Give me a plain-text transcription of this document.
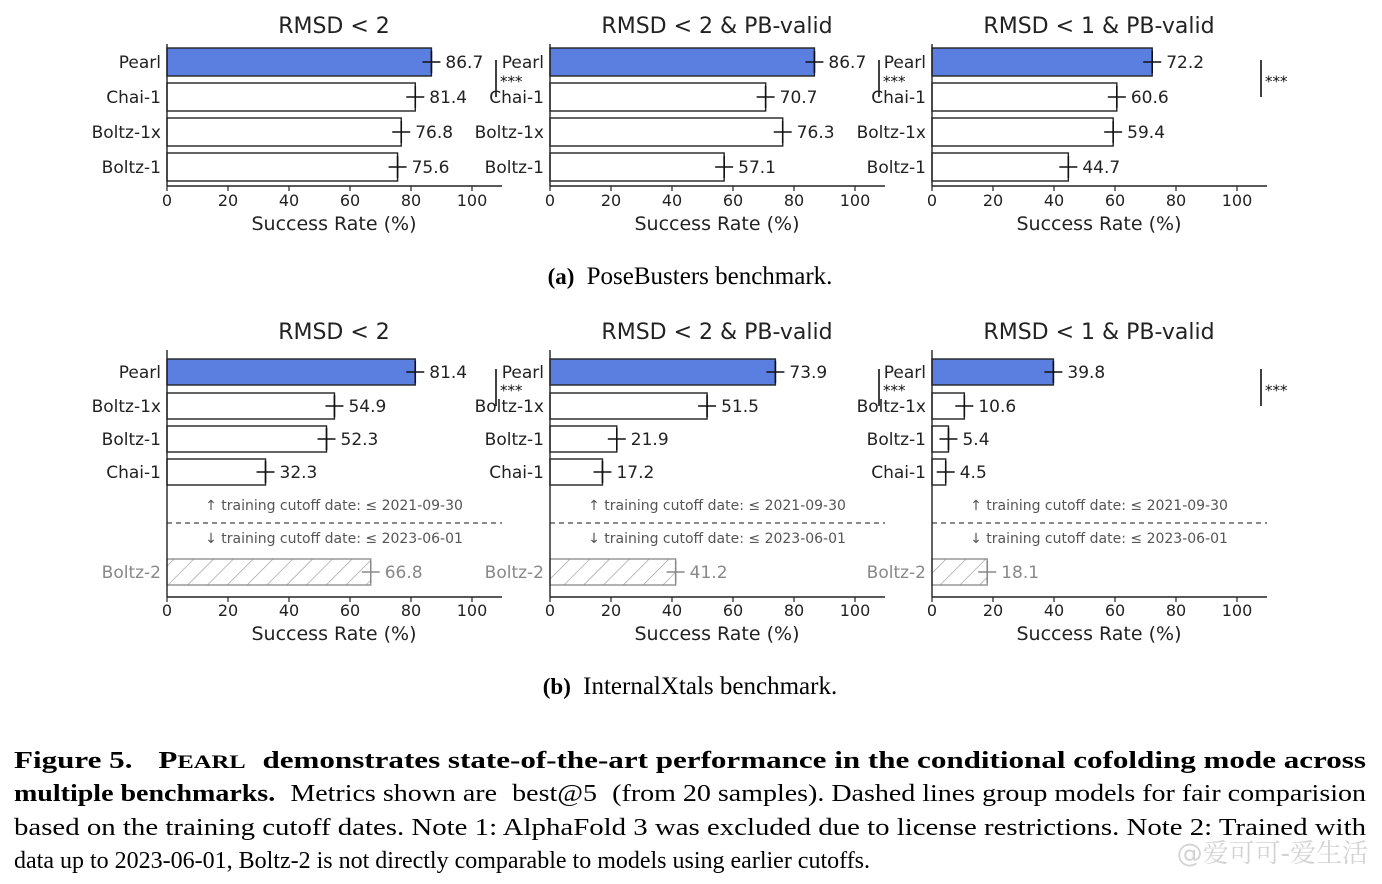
RMSD < 2
86.7
Pearl
81.4
Chai-1
76.8
Boltz-1x
75.6
Boltz-1
0	20	40	60	80 100
Success Rate (%)
***
RMSD < 2 & PB-valid
86.7
Pearl
70.7
Chai-1
76.3
Boltz-1x
57.1
Boltz-1
0	20	40	60	80 100
Success Rate (%)
***
RMSD < 1 & PB-valid
72.2
Pearl
60.6
Chai-1
59.4
Boltz-1x
44.7
Boltz-1
0	20	40	60	80 100
Success Rate (%)
***
RMSD < 2
81.4
Pearl
54.9
Boltz-1x
52.3
Boltz-1
32.3
Chai-1
↑ training cutoff date: ≤ 2021-09-30
↓ training cutoff date: ≤ 2023-06-01
66.8
Boltz-2
0	20	40	60	80 100
Success Rate (%)
***
RMSD < 2 & PB-valid
73.9
Pearl
51.5
Boltz-1x
21.9
Boltz-1
17.2
Chai-1
↑ training cutoff date: ≤ 2021-09-30
↓ training cutoff date: ≤ 2023-06-01
41.2
Boltz-2
0	20	40	60	80 100
Success Rate (%)
***
RMSD < 1 & PB-valid
39.8
Pearl
10.6
Boltz-1x
5.4
Boltz-1
4.5
Chai-1
↑ training cutoff date: ≤ 2021-09-30
↓ training cutoff date: ≤ 2023-06-01
18.1
Boltz-2
0	20	40	60	80 100
Success Rate (%)
***
(a) PoseBusters benchmark.
(b) InternalXtals benchmark.
Figure 5. P EARL demonstrates state-of-the-art performance in the conditional cofolding mode across
multiple benchmarks. Metrics shown are best@5 (from 20 samples). Dashed lines group models for fair comparision
based on the training cutoff dates. Note 1: AlphaFold 3 was excluded due to license restrictions. Note 2: Trained with
data up to 2023-06-01, Boltz-2 is not directly comparable to models using earlier cutoffs.	@爱可可-爱生活
